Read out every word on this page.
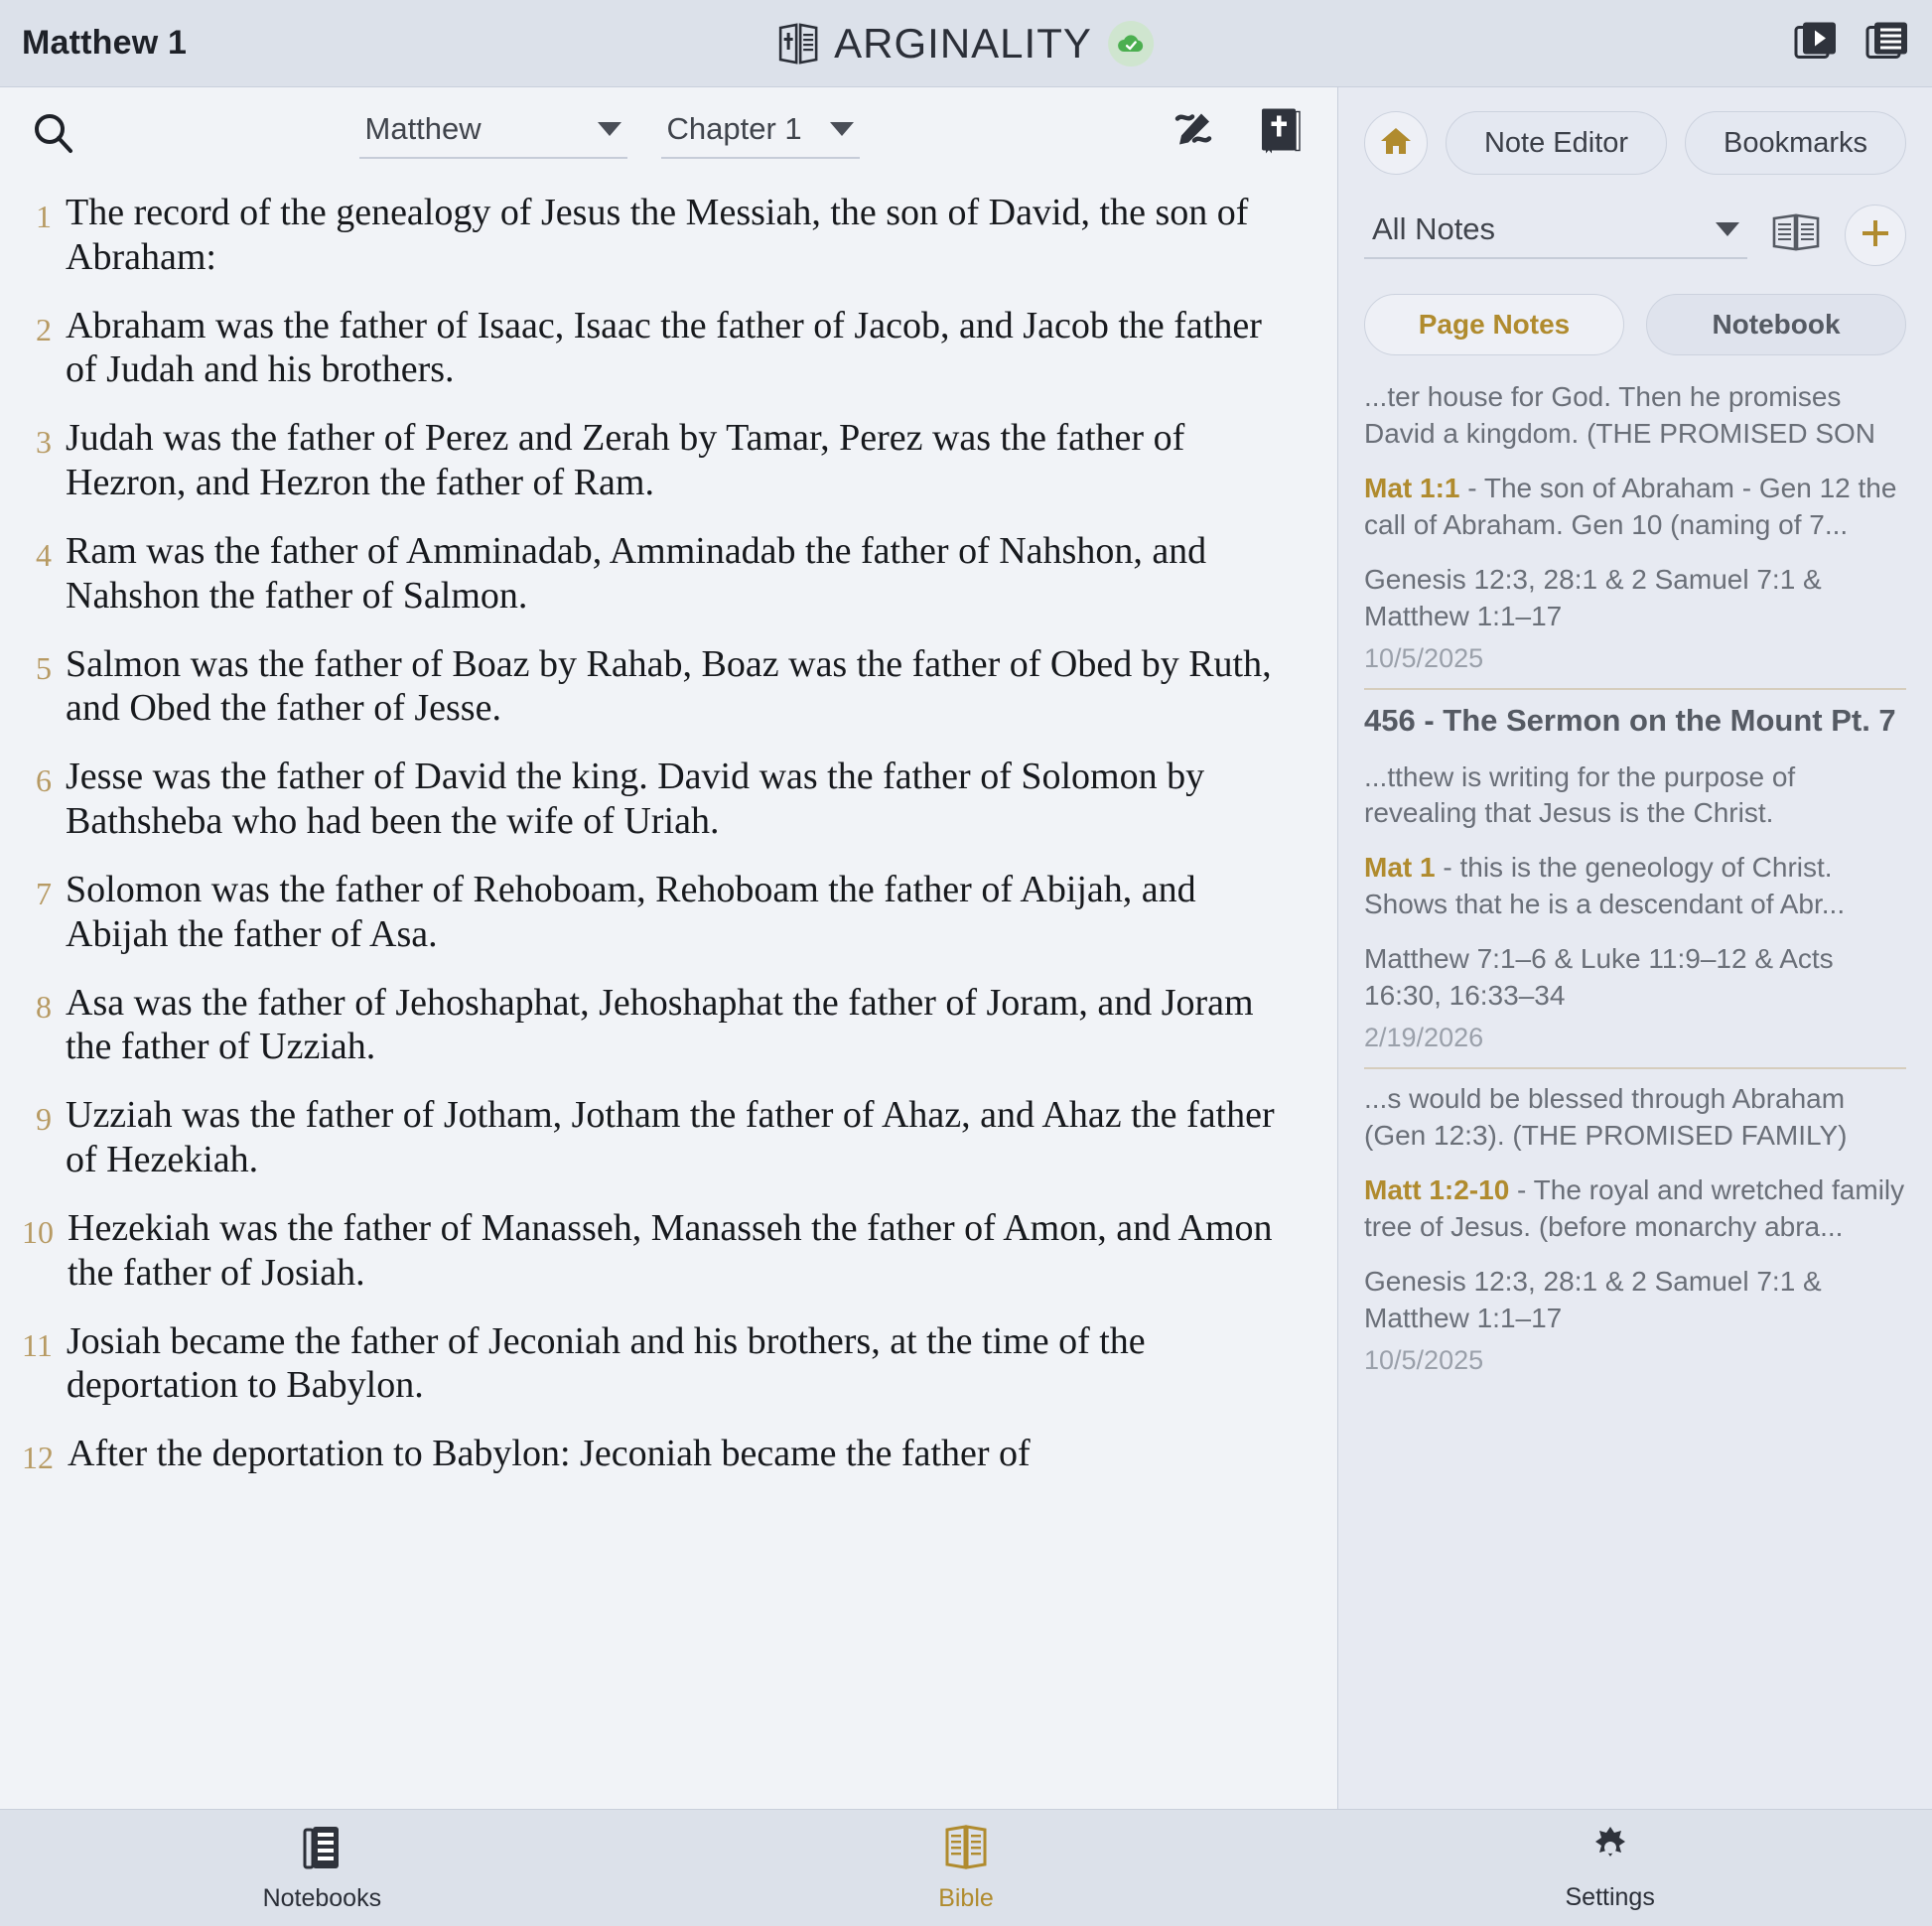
Matthew 1	ARGINALITY
Matthew	Chapter 1
1 The record of the genealogy of Jesus the Messiah, the son of David, the son of Abraham:
2 Abraham was the father of Isaac, Isaac the father of Jacob, and Jacob the father of Judah and his brothers.
3 Judah was the father of Perez and Zerah by Tamar, Perez was the father of Hezron, and Hezron the father of Ram.
4 Ram was the father of Amminadab, Amminadab the father of Nahshon, and Nahshon the father of Salmon.
5 Salmon was the father of Boaz by Rahab, Boaz was the father of Obed by Ruth, and Obed the father of Jesse.
6 Jesse was the father of David the king. David was the father of Solomon by Bathsheba who had been the wife of Uriah.
7 Solomon was the father of Rehoboam, Rehoboam the father of Abijah, and Abijah the father of Asa.
8 Asa was the father of Jehoshaphat, Jehoshaphat the father of Joram, and Joram the father of Uzziah.
9 Uzziah was the father of Jotham, Jotham the father of Ahaz, and Ahaz the father of Hezekiah.
10 Hezekiah was the father of Manasseh, Manasseh the father of Amon, and Amon the father of Josiah.
11 Josiah became the father of Jeconiah and his brothers, at the time of the deportation to Babylon.
12 After the deportation to Babylon: Jeconiah became the father of
Note Editor	Bookmarks
All Notes
Page Notes	Notebook
...ter house for God. Then he promises David a kingdom. (THE PROMISED SON
Mat 1:1 - The son of Abraham - Gen 12 the call of Abraham. Gen 10 (naming of 7...
Genesis 12:3, 28:1 & 2 Samuel 7:1 & Matthew 1:1–17
10/5/2025
456 - The Sermon on the Mount Pt. 7
...tthew is writing for the purpose of revealing that Jesus is the Christ.
Mat 1 - this is the geneology of Christ. Shows that he is a descendant of Abr...
Matthew 7:1–6 & Luke 11:9–12 & Acts 16:30, 16:33–34
2/19/2026
...s would be blessed through Abraham (Gen 12:3). (THE PROMISED FAMILY)
Matt 1:2-10 - The royal and wretched family tree of Jesus. (before monarchy abra...
Genesis 12:3, 28:1 & 2 Samuel 7:1 & Matthew 1:1–17
10/5/2025
Notebooks	Bible	Settings
